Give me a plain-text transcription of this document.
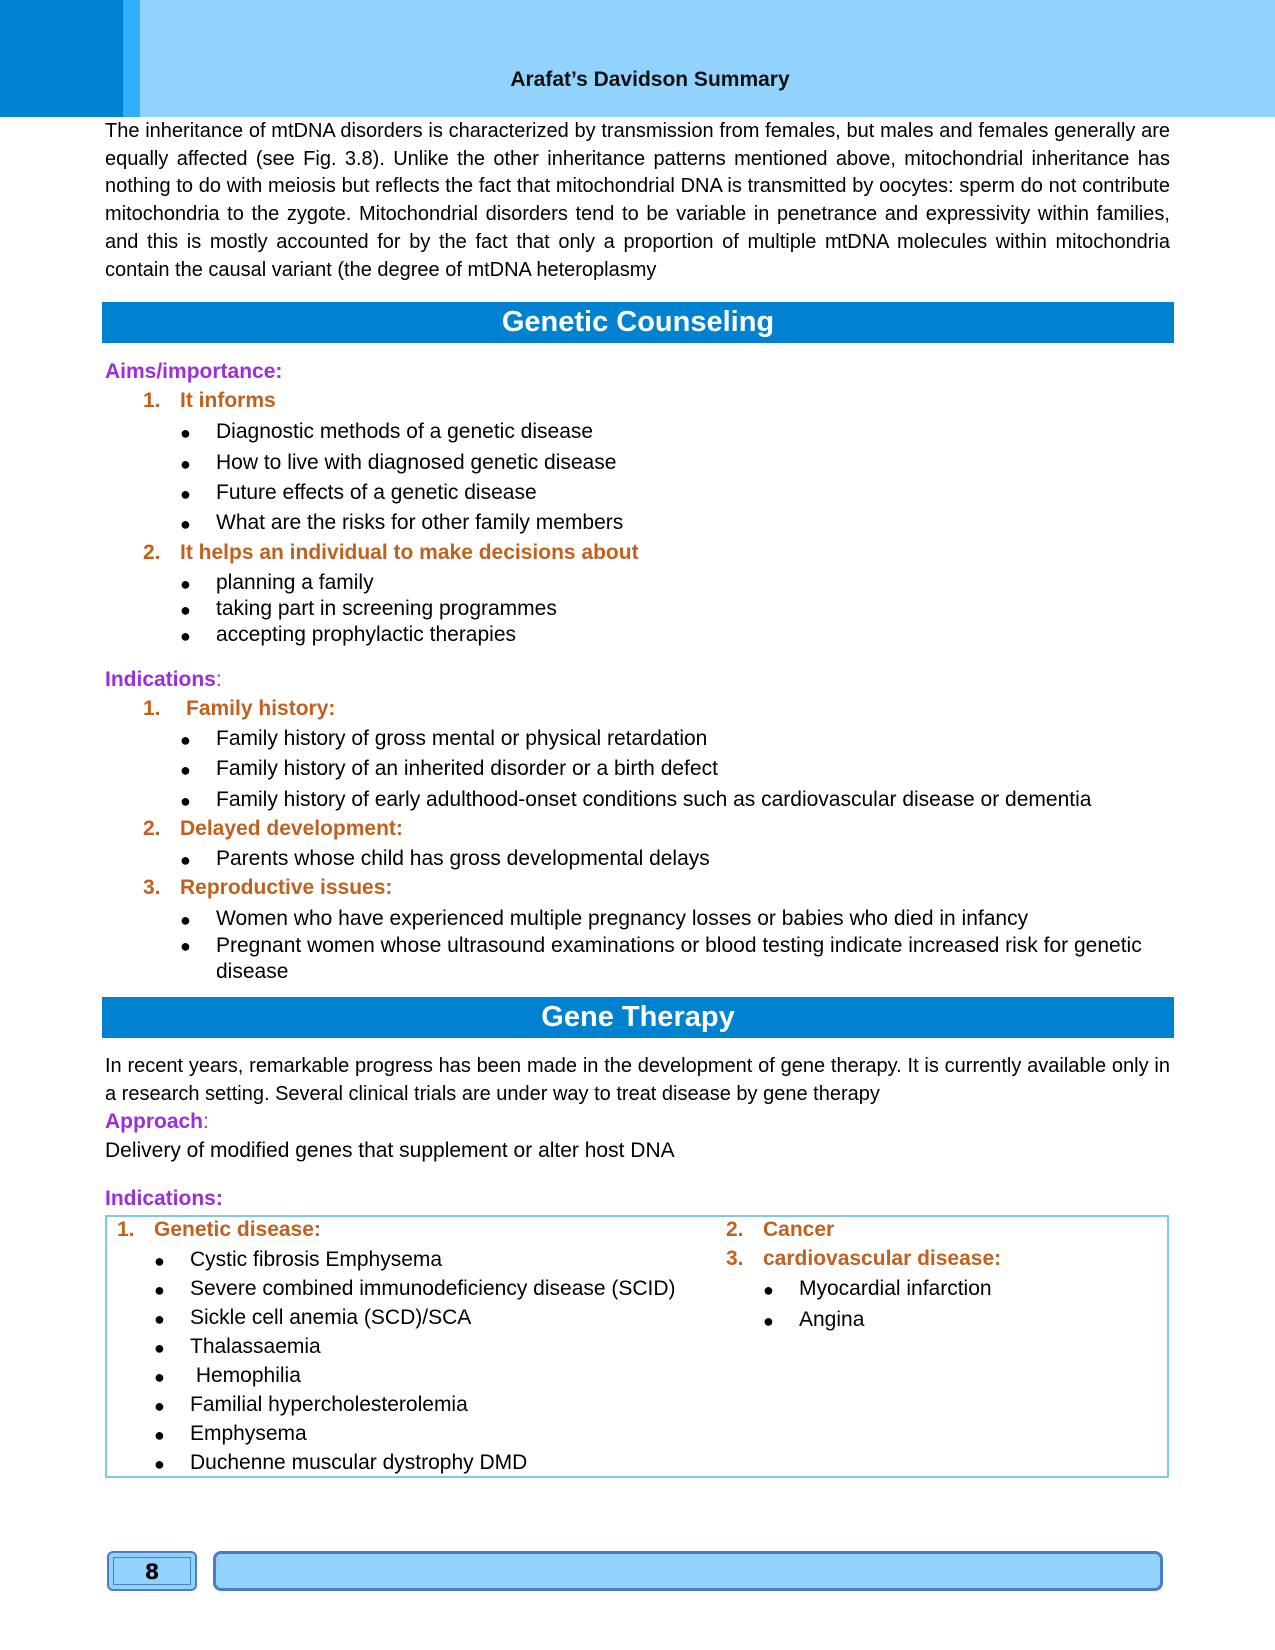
Arafat’s Davidson Summary

The inheritance of mtDNA disorders is characterized by transmission from females, but males and females generally are equally affected (see Fig. 3.8). Unlike the other inheritance patterns mentioned above, mitochondrial inheritance has nothing to do with meiosis but reflects the fact that mitochondrial DNA is transmitted by oocytes: sperm do not contribute mitochondria to the zygote. Mitochondrial disorders tend to be variable in penetrance and expressivity within families, and this is mostly accounted for by the fact that only a proportion of multiple mtDNA molecules within mitochondria contain the causal variant (the degree of mtDNA heteroplasmy

Genetic Counseling
Aims/importance:
1. It informs
●	Diagnostic methods of a genetic disease
●	How to live with diagnosed genetic disease
●	Future effects of a genetic disease
●	What are the risks for other family members
2. It helps an individual to make decisions about
●	planning a family
●	taking part in screening programmes
●	accepting prophylactic therapies
Indications:
1.	Family history:
●	Family history of gross mental or physical retardation
●	Family history of an inherited disorder or a birth defect
●	Family history of early adulthood-onset conditions such as cardiovascular disease or dementia
2. Delayed development:
●	Parents whose child has gross developmental delays
3. Reproductive issues:
●	Women who have experienced multiple pregnancy losses or babies who died in infancy
●	Pregnant women whose ultrasound examinations or blood testing indicate increased risk for genetic disease
Gene Therapy

In recent years, remarkable progress has been made in the development of gene therapy. It is currently available only in a research setting. Several clinical trials are under way to treat disease by gene therapy

Approach:
Delivery of modified genes that supplement or alter host DNA
Indications:
1. Genetic disease:
●	Cystic fibrosis Emphysema
●	Severe combined immunodeficiency disease (SCID)
●	Sickle cell anemia (SCD)/SCA
●	Thalassaemia
●	Hemophilia
●	Familial hypercholesterolemia
●	Emphysema
●	Duchenne muscular dystrophy DMD
2. Cancer
3. cardiovascular disease:
●	Myocardial infarction
●	Angina
8
